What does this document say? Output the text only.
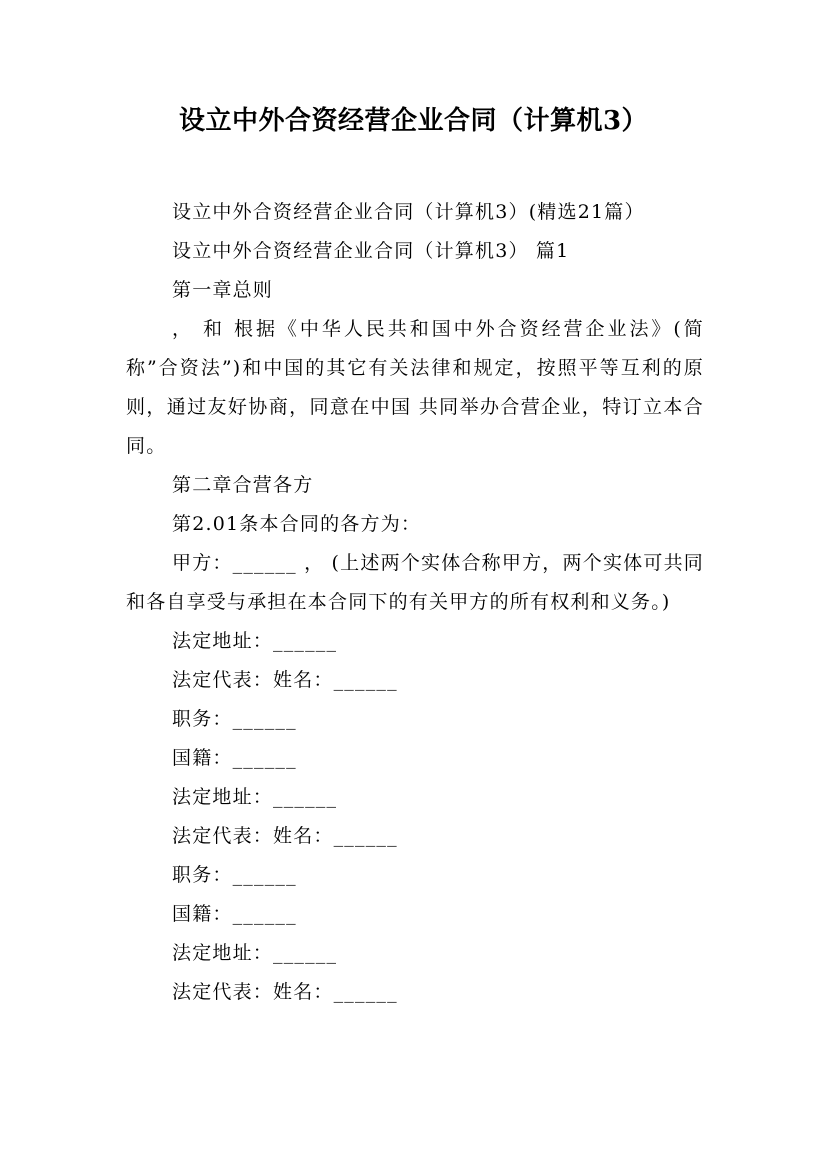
设立中外合资经营企业合同（计算机3）

设立中外合资经营企业合同（计算机3）(精选21篇）

设立中外合资经营企业合同（计算机3） 篇1

第一章总则

， 和 根据《中华人民共和国中外合资经营企业法》(简称”合资法”)和中国的其它有关法律和规定，按照平等互利的原则，通过友好协商，同意在中国 共同举办合营企业，特订立本合同。

第二章合营各方

第2.01条本合同的各方为：

甲方：______ ， (上述两个实体合称甲方，两个实体可共同和各自享受与承担在本合同下的有关甲方的所有权利和义务。)

法定地址：______

法定代表：姓名：______

职务：______

国籍：______

法定地址：______

法定代表：姓名：______

职务：______

国籍：______

法定地址：______

法定代表：姓名：______
